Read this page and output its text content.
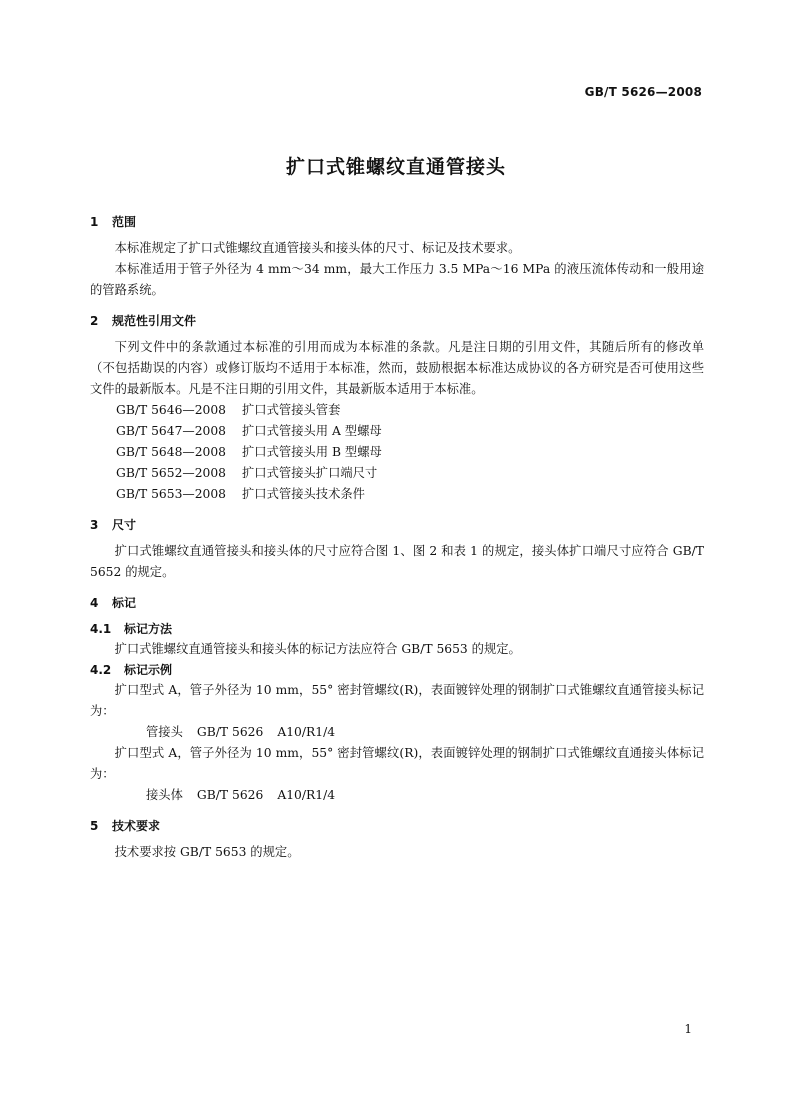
GB/T 5626—2008
扩口式锥螺纹直通管接头
1 范围

本标准规定了扩口式锥螺纹直通管接头和接头体的尺寸、标记及技术要求。

本标准适用于管子外径为 4 mm～34 mm，最大工作压力 3.5 MPa～16 MPa 的液压流体传动和一般用途的管路系统。

2 规范性引用文件

下列文件中的条款通过本标准的引用而成为本标准的条款。凡是注日期的引用文件，其随后所有的修改单（不包括勘误的内容）或修订版均不适用于本标准，然而，鼓励根据本标准达成协议的各方研究是否可使用这些文件的最新版本。凡是不注日期的引用文件，其最新版本适用于本标准。

GB/T 5646—2008 扩口式管接头管套
GB/T 5647—2008 扩口式管接头用 A 型螺母
GB/T 5648—2008 扩口式管接头用 B 型螺母
GB/T 5652—2008 扩口式管接头扩口端尺寸
GB/T 5653—2008 扩口式管接头技术条件
3 尺寸

扩口式锥螺纹直通管接头和接头体的尺寸应符合图 1、图 2 和表 1 的规定，接头体扩口端尺寸应符合 GB/T 5652 的规定。

4 标记
4.1 标记方法

扩口式锥螺纹直通管接头和接头体的标记方法应符合 GB/T 5653 的规定。

4.2 标记示例

扩口型式 A，管子外径为 10 mm，55° 密封管螺纹(R)，表面镀锌处理的钢制扩口式锥螺纹直通管接头标记为：

管接头 GB/T 5626 A10/R1/4

扩口型式 A，管子外径为 10 mm，55° 密封管螺纹(R)，表面镀锌处理的钢制扩口式锥螺纹直通接头体标记为：

接头体 GB/T 5626 A10/R1/4
5 技术要求

技术要求按 GB/T 5653 的规定。

1
